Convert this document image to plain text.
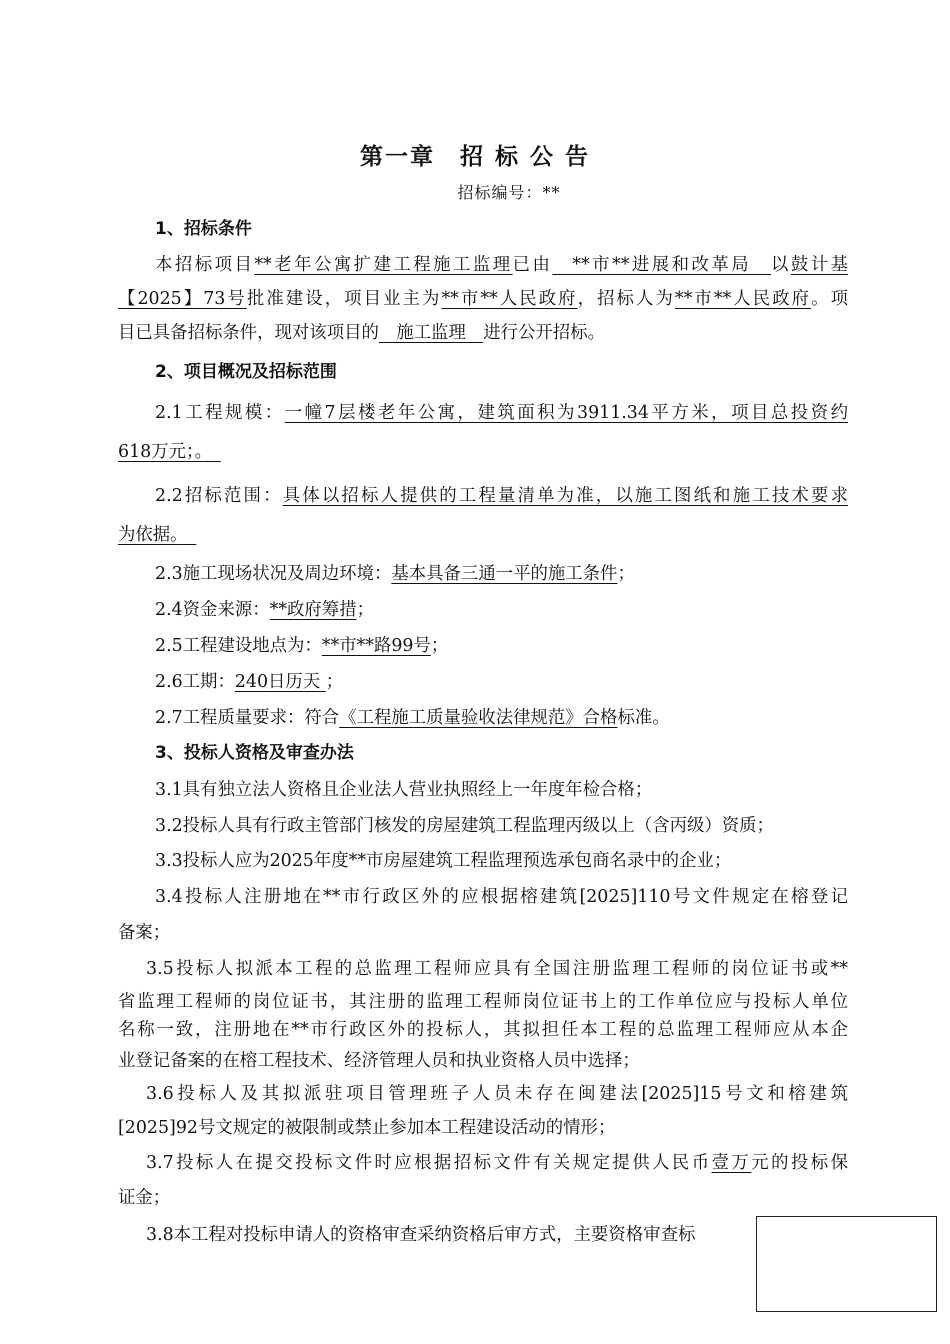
第一章　招 标 公 告
招标编号：**
1、招标条件
本招标项目**老年公寓扩建工程施工监理已由　**市**进展和改革局　以鼓计基
【2025】73号批准建设，项目业主为**市**人民政府，招标人为**市**人民政府。项
目已具备招标条件，现对该项目的　施工监理　进行公开招标。
2、项目概况及招标范围
2.1工程规模：一幢7层楼老年公寓，建筑面积为3911.34平方米，项目总投资约
618万元；。　
2.2招标范围：具体以招标人提供的工程量清单为准，以施工图纸和施工技术要求
为依据。　
2.3施工现场状况及周边环境：基本具备三通一平的施工条件；
2.4资金来源：**政府筹措；
2.5工程建设地点为：**市**路99号；
2.6工期：240日历天 ；
2.7工程质量要求：符合《工程施工质量验收法律规范》合格标准。
3、投标人资格及审查办法
3.1具有独立法人资格且企业法人营业执照经上一年度年检合格；
3.2投标人具有行政主管部门核发的房屋建筑工程监理丙级以上（含丙级）资质；
3.3投标人应为2025年度**市房屋建筑工程监理预选承包商名录中的企业；
3.4投标人注册地在**市行政区外的应根据榕建筑[2025]110号文件规定在榕登记
备案；
3.5投标人拟派本工程的总监理工程师应具有全国注册监理工程师的岗位证书或**
省监理工程师的岗位证书，其注册的监理工程师岗位证书上的工作单位应与投标人单位
名称一致，注册地在**市行政区外的投标人，其拟担任本工程的总监理工程师应从本企
业登记备案的在榕工程技术、经济管理人员和执业资格人员中选择；
3.6投标人及其拟派驻项目管理班子人员未存在闽建法[2025]15号文和榕建筑
[2025]92号文规定的被限制或禁止参加本工程建设活动的情形；
3.7投标人在提交投标文件时应根据招标文件有关规定提供人民币壹万元的投标保
证金；
3.8本工程对投标申请人的资格审查采纳资格后审方式，主要资格审查标
